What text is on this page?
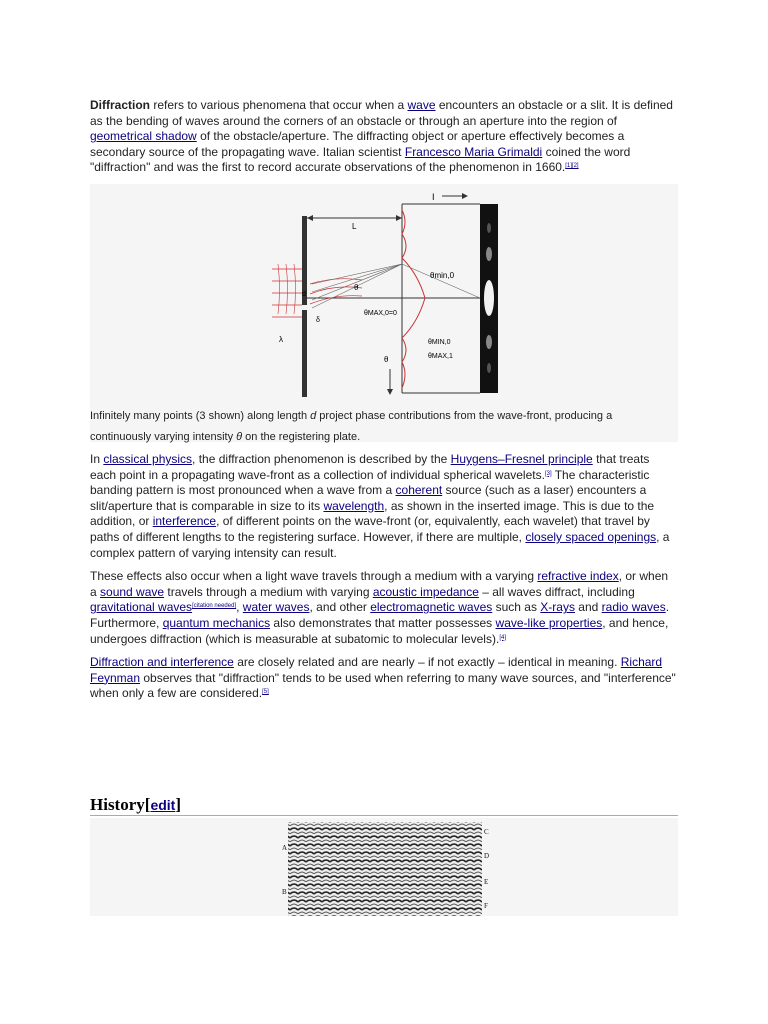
Diffraction refers to various phenomena that occur when a wave encounters an obstacle or a slit. It is defined as the bending of waves around the corners of an obstacle or through an aperture into the region of geometrical shadow of the obstacle/aperture. The diffracting object or aperture effectively becomes a secondary source of the propagating wave. Italian scientist Francesco Maria Grimaldi coined the word "diffraction" and was the first to record accurate observations of the phenomenon in 1660.[1][2]

I
L
θmin,0
θ
d
δ
θMAX,0=0
λ	θMIN,0
θMAX,1
θ
Infinitely many points (3 shown) along length d project phase contributions from the wave-front, producing a continuously varying intensity θ on the registering plate.

In classical physics, the diffraction phenomenon is described by the Huygens–Fresnel principle that treats each point in a propagating wave-front as a collection of individual spherical wavelets.[3] The characteristic banding pattern is most pronounced when a wave from a coherent source (such as a laser) encounters a slit/aperture that is comparable in size to its wavelength, as shown in the inserted image. This is due to the addition, or interference, of different points on the wave-front (or, equivalently, each wavelet) that travel by paths of different lengths to the registering surface. However, if there are multiple, closely spaced openings, a complex pattern of varying intensity can result.

These effects also occur when a light wave travels through a medium with a varying refractive index, or when a sound wave travels through a medium with varying acoustic impedance – all waves diffract, including gravitational waves[citation needed], water waves, and other electromagnetic waves such as X-rays and radio waves. Furthermore, quantum mechanics also demonstrates that matter possesses wave-like properties, and hence, undergoes diffraction (which is measurable at subatomic to molecular levels).[4]

Diffraction and interference are closely related and are nearly – if not exactly – identical in meaning. Richard Feynman observes that "diffraction" tends to be used when referring to many wave sources, and "interference" when only a few are considered.[5]

History[edit]
A
B
C
D
E
F
